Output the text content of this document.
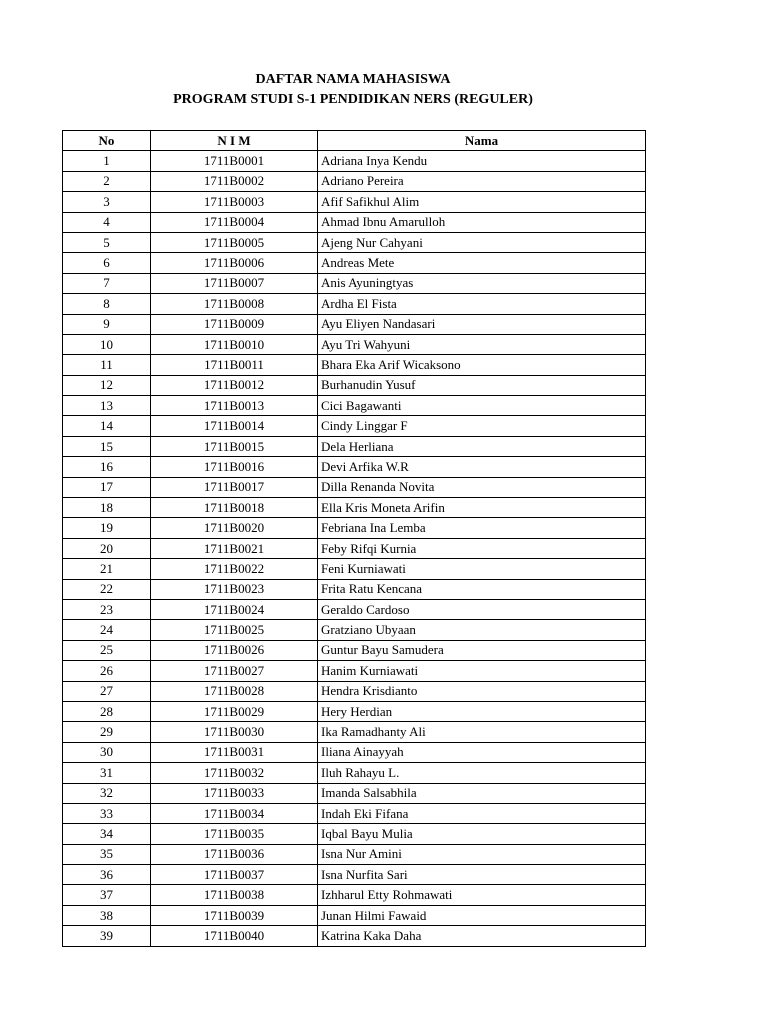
DAFTAR NAMA MAHASISWA
PROGRAM STUDI S-1 PENDIDIKAN NERS (REGULER)
No	N I M	Nama
1	1711B0001	Adriana Inya Kendu
2	1711B0002	Adriano Pereira
3	1711B0003	Afif Safikhul Alim
4	1711B0004	Ahmad Ibnu Amarulloh
5	1711B0005	Ajeng Nur Cahyani
6	1711B0006	Andreas Mete
7	1711B0007	Anis Ayuningtyas
8	1711B0008	Ardha El Fista
9	1711B0009	Ayu Eliyen Nandasari
10	1711B0010	Ayu Tri Wahyuni
11	1711B0011	Bhara Eka Arif Wicaksono
12	1711B0012	Burhanudin Yusuf
13	1711B0013	Cici Bagawanti
14	1711B0014	Cindy Linggar F
15	1711B0015	Dela Herliana
16	1711B0016	Devi Arfika W.R
17	1711B0017	Dilla Renanda Novita
18	1711B0018	Ella Kris Moneta Arifin
19	1711B0020	Febriana Ina Lemba
20	1711B0021	Feby Rifqi Kurnia
21	1711B0022	Feni Kurniawati
22	1711B0023	Frita Ratu Kencana
23	1711B0024	Geraldo Cardoso
24	1711B0025	Gratziano Ubyaan
25	1711B0026	Guntur Bayu Samudera
26	1711B0027	Hanim Kurniawati
27	1711B0028	Hendra Krisdianto
28	1711B0029	Hery Herdian
29	1711B0030	Ika Ramadhanty Ali
30	1711B0031	Iliana Ainayyah
31	1711B0032	Iluh Rahayu L.
32	1711B0033	Imanda Salsabhila
33	1711B0034	Indah Eki Fifana
34	1711B0035	Iqbal Bayu Mulia
35	1711B0036	Isna Nur Amini
36	1711B0037	Isna Nurfita Sari
37	1711B0038	Izhharul Etty Rohmawati
38	1711B0039	Junan Hilmi Fawaid
39	1711B0040	Katrina Kaka Daha
